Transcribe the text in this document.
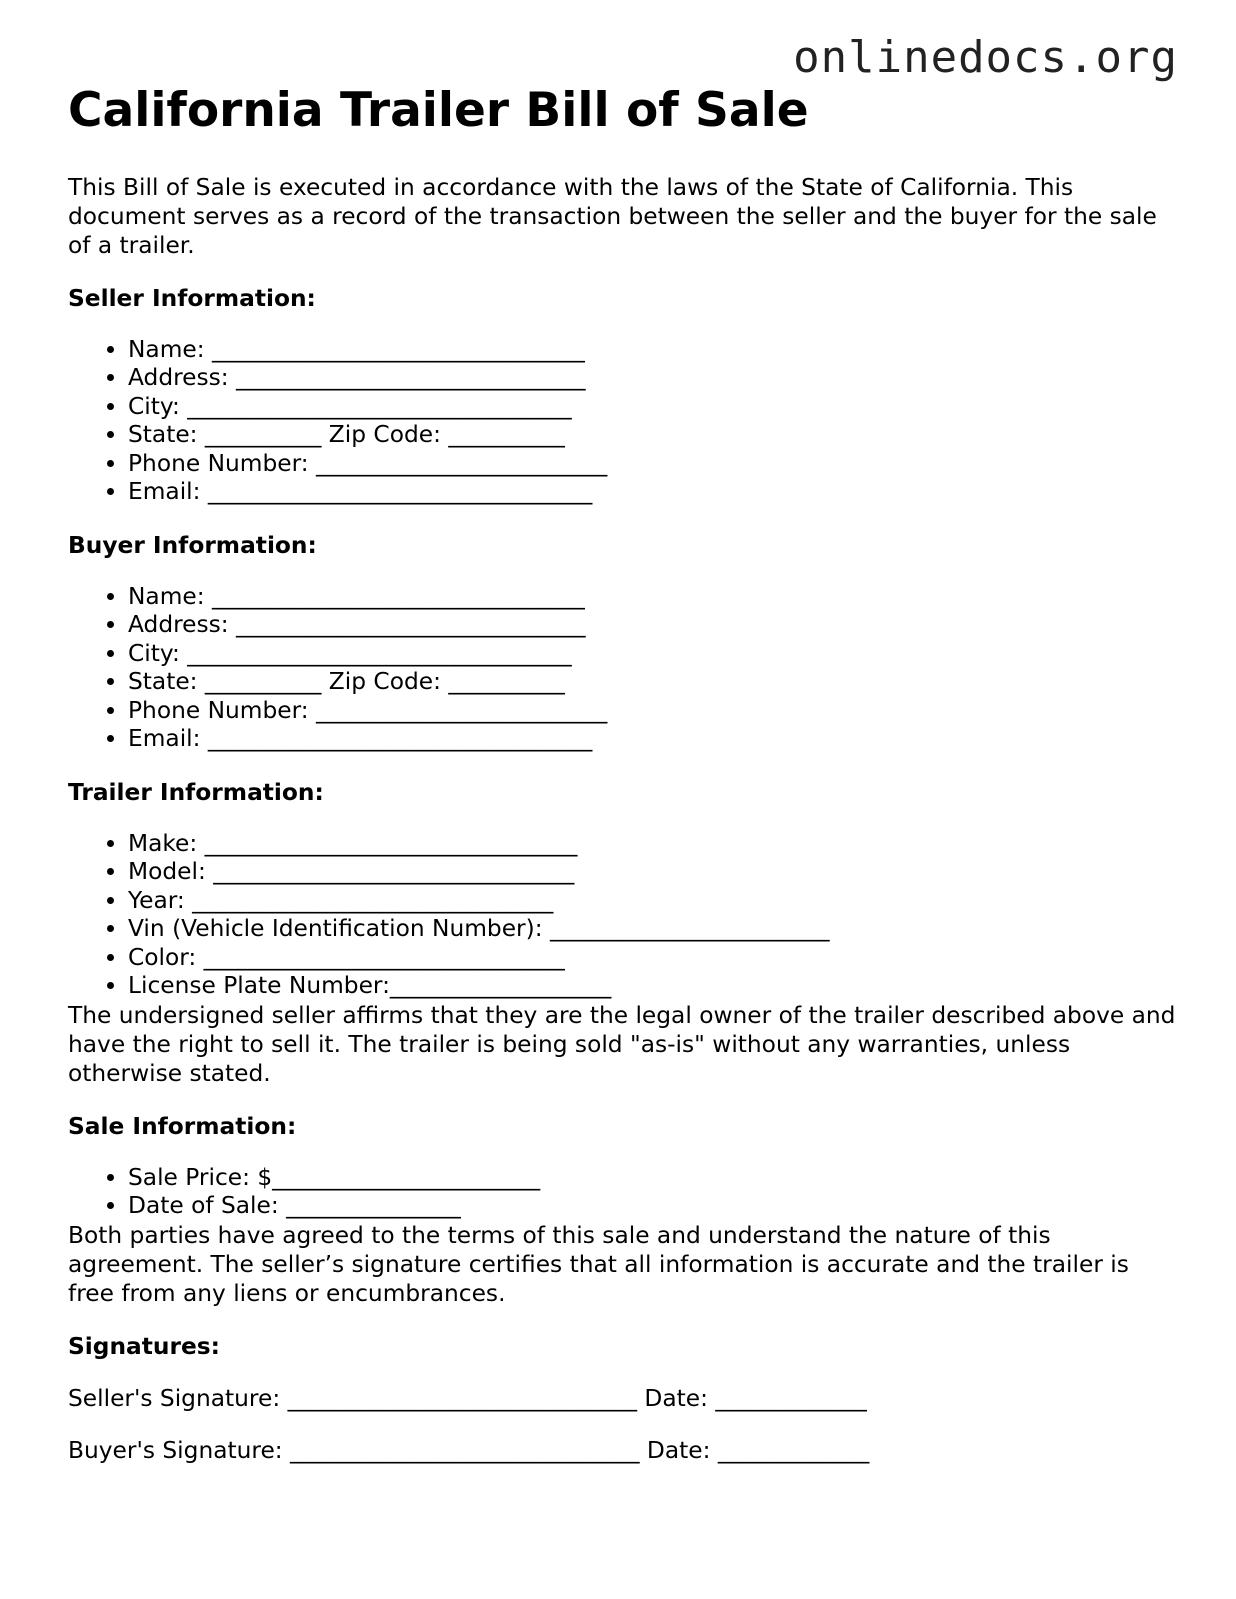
onlinedocs.org
California Trailer Bill of Sale

This Bill of Sale is executed in accordance with the laws of the State of California. This document serves as a record of the transaction between the seller and the buyer for the sale of a trailer.

Seller Information:
• Name: ________________________________
• Address: ______________________________
• City: _________________________________
• State: __________ Zip Code: __________
• Phone Number: _________________________
• Email: _________________________________
Buyer Information:
• Name: ________________________________
• Address: ______________________________
• City: _________________________________
• State: __________ Zip Code: __________
• Phone Number: _________________________
• Email: _________________________________
Trailer Information:
• Make: ________________________________
• Model: _______________________________
• Year: _______________________________
• Vin (Vehicle Identification Number): ________________________
• Color: _______________________________
• License Plate Number:___________________

The undersigned seller affirms that they are the legal owner of the trailer described above and have the right to sell it. The trailer is being sold "as-is" without any warranties, unless otherwise stated.

Sale Information:
• Sale Price: $_______________________
• Date of Sale: _______________

Both parties have agreed to the terms of this sale and understand the nature of this agreement. The seller’s signature certifies that all information is accurate and the trailer is free from any liens or encumbrances.

Signatures:

Seller's Signature: ______________________________ Date: _____________

Buyer's Signature: ______________________________ Date: _____________
